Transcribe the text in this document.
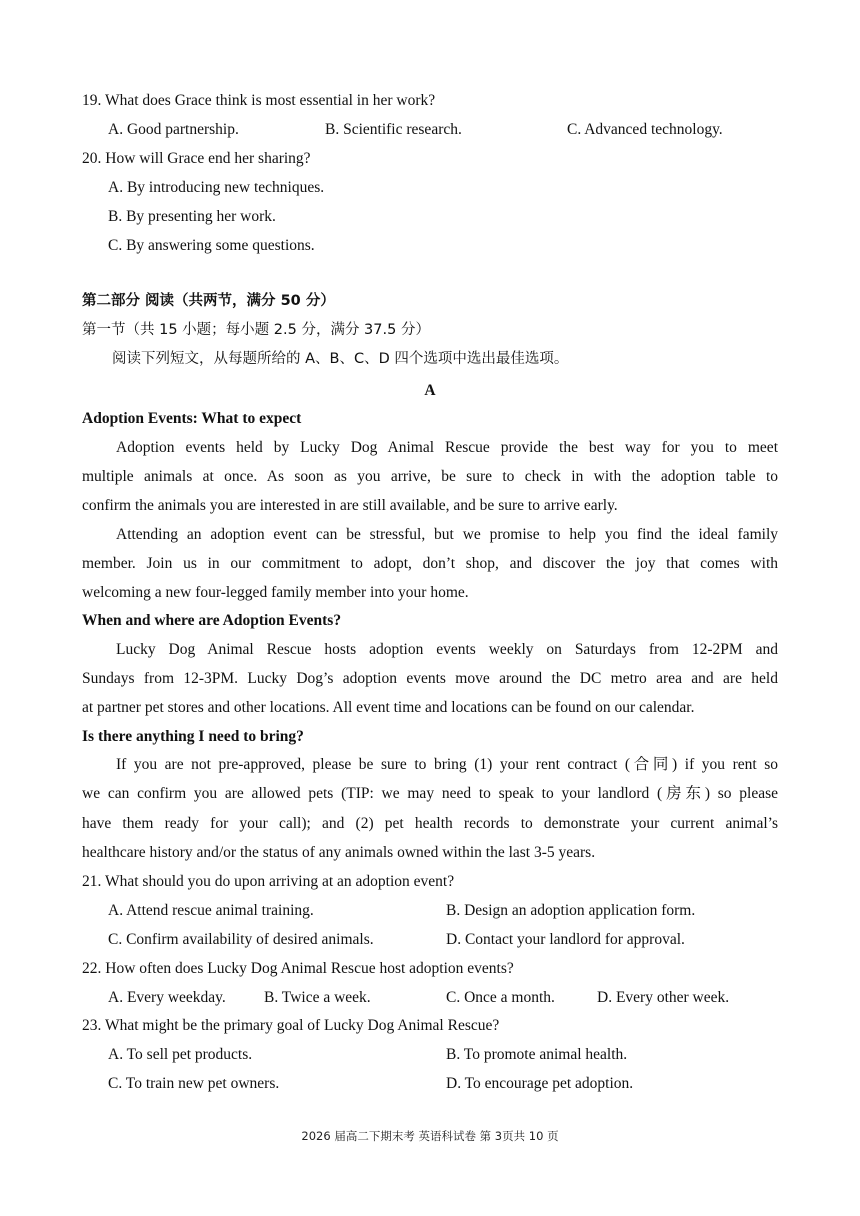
19. What does Grace think is most essential in her work?
A. Good partnership.	B. Scientific research.	C. Advanced technology.
20. How will Grace end her sharing?
A. By introducing new techniques.
B. By presenting her work.
C. By answering some questions.
第二部分 阅读（共两节，满分 50 分）
第一节（共 15 小题；每小题 2.5 分，满分 37.5 分）
阅读下列短文，从每题所给的 A、B、C、D 四个选项中选出最佳选项。
A
Adoption Events: What to expect
Adoption events held by Lucky Dog Animal Rescue provide the best way for you to meet
multiple animals at once. As soon as you arrive, be sure to check in with the adoption table to
confirm the animals you are interested in are still available, and be sure to arrive early.
Attending an adoption event can be stressful, but we promise to help you find the ideal family
member. Join us in our commitment to adopt, don’t shop, and discover the joy that comes with
welcoming a new four-legged family member into your home.
When and where are Adoption Events?
Lucky Dog Animal Rescue hosts adoption events weekly on Saturdays from 12-2PM and
Sundays from 12-3PM. Lucky Dog’s adoption events move around the DC metro area and are held
at partner pet stores and other locations. All event time and locations can be found on our calendar.
Is there anything I need to bring?
If you are not pre-approved, please be sure to bring (1) your rent contract (合同) if you rent so
we can confirm you are allowed pets (TIP: we may need to speak to your landlord (房东) so please
have them ready for your call); and (2) pet health records to demonstrate your current animal’s
healthcare history and/or the status of any animals owned within the last 3-5 years.
21. What should you do upon arriving at an adoption event?
A. Attend rescue animal training.	B. Design an adoption application form.
C. Confirm availability of desired animals.	D. Contact your landlord for approval.
22. How often does Lucky Dog Animal Rescue host adoption events?
A. Every weekday. B. Twice a week.	C. Once a month.	D. Every other week.
23. What might be the primary goal of Lucky Dog Animal Rescue?
A. To sell pet products.	B. To promote animal health.
C. To train new pet owners.	D. To encourage pet adoption.
2026 届高二下期末考 英语科试卷 第 3页共 10 页
